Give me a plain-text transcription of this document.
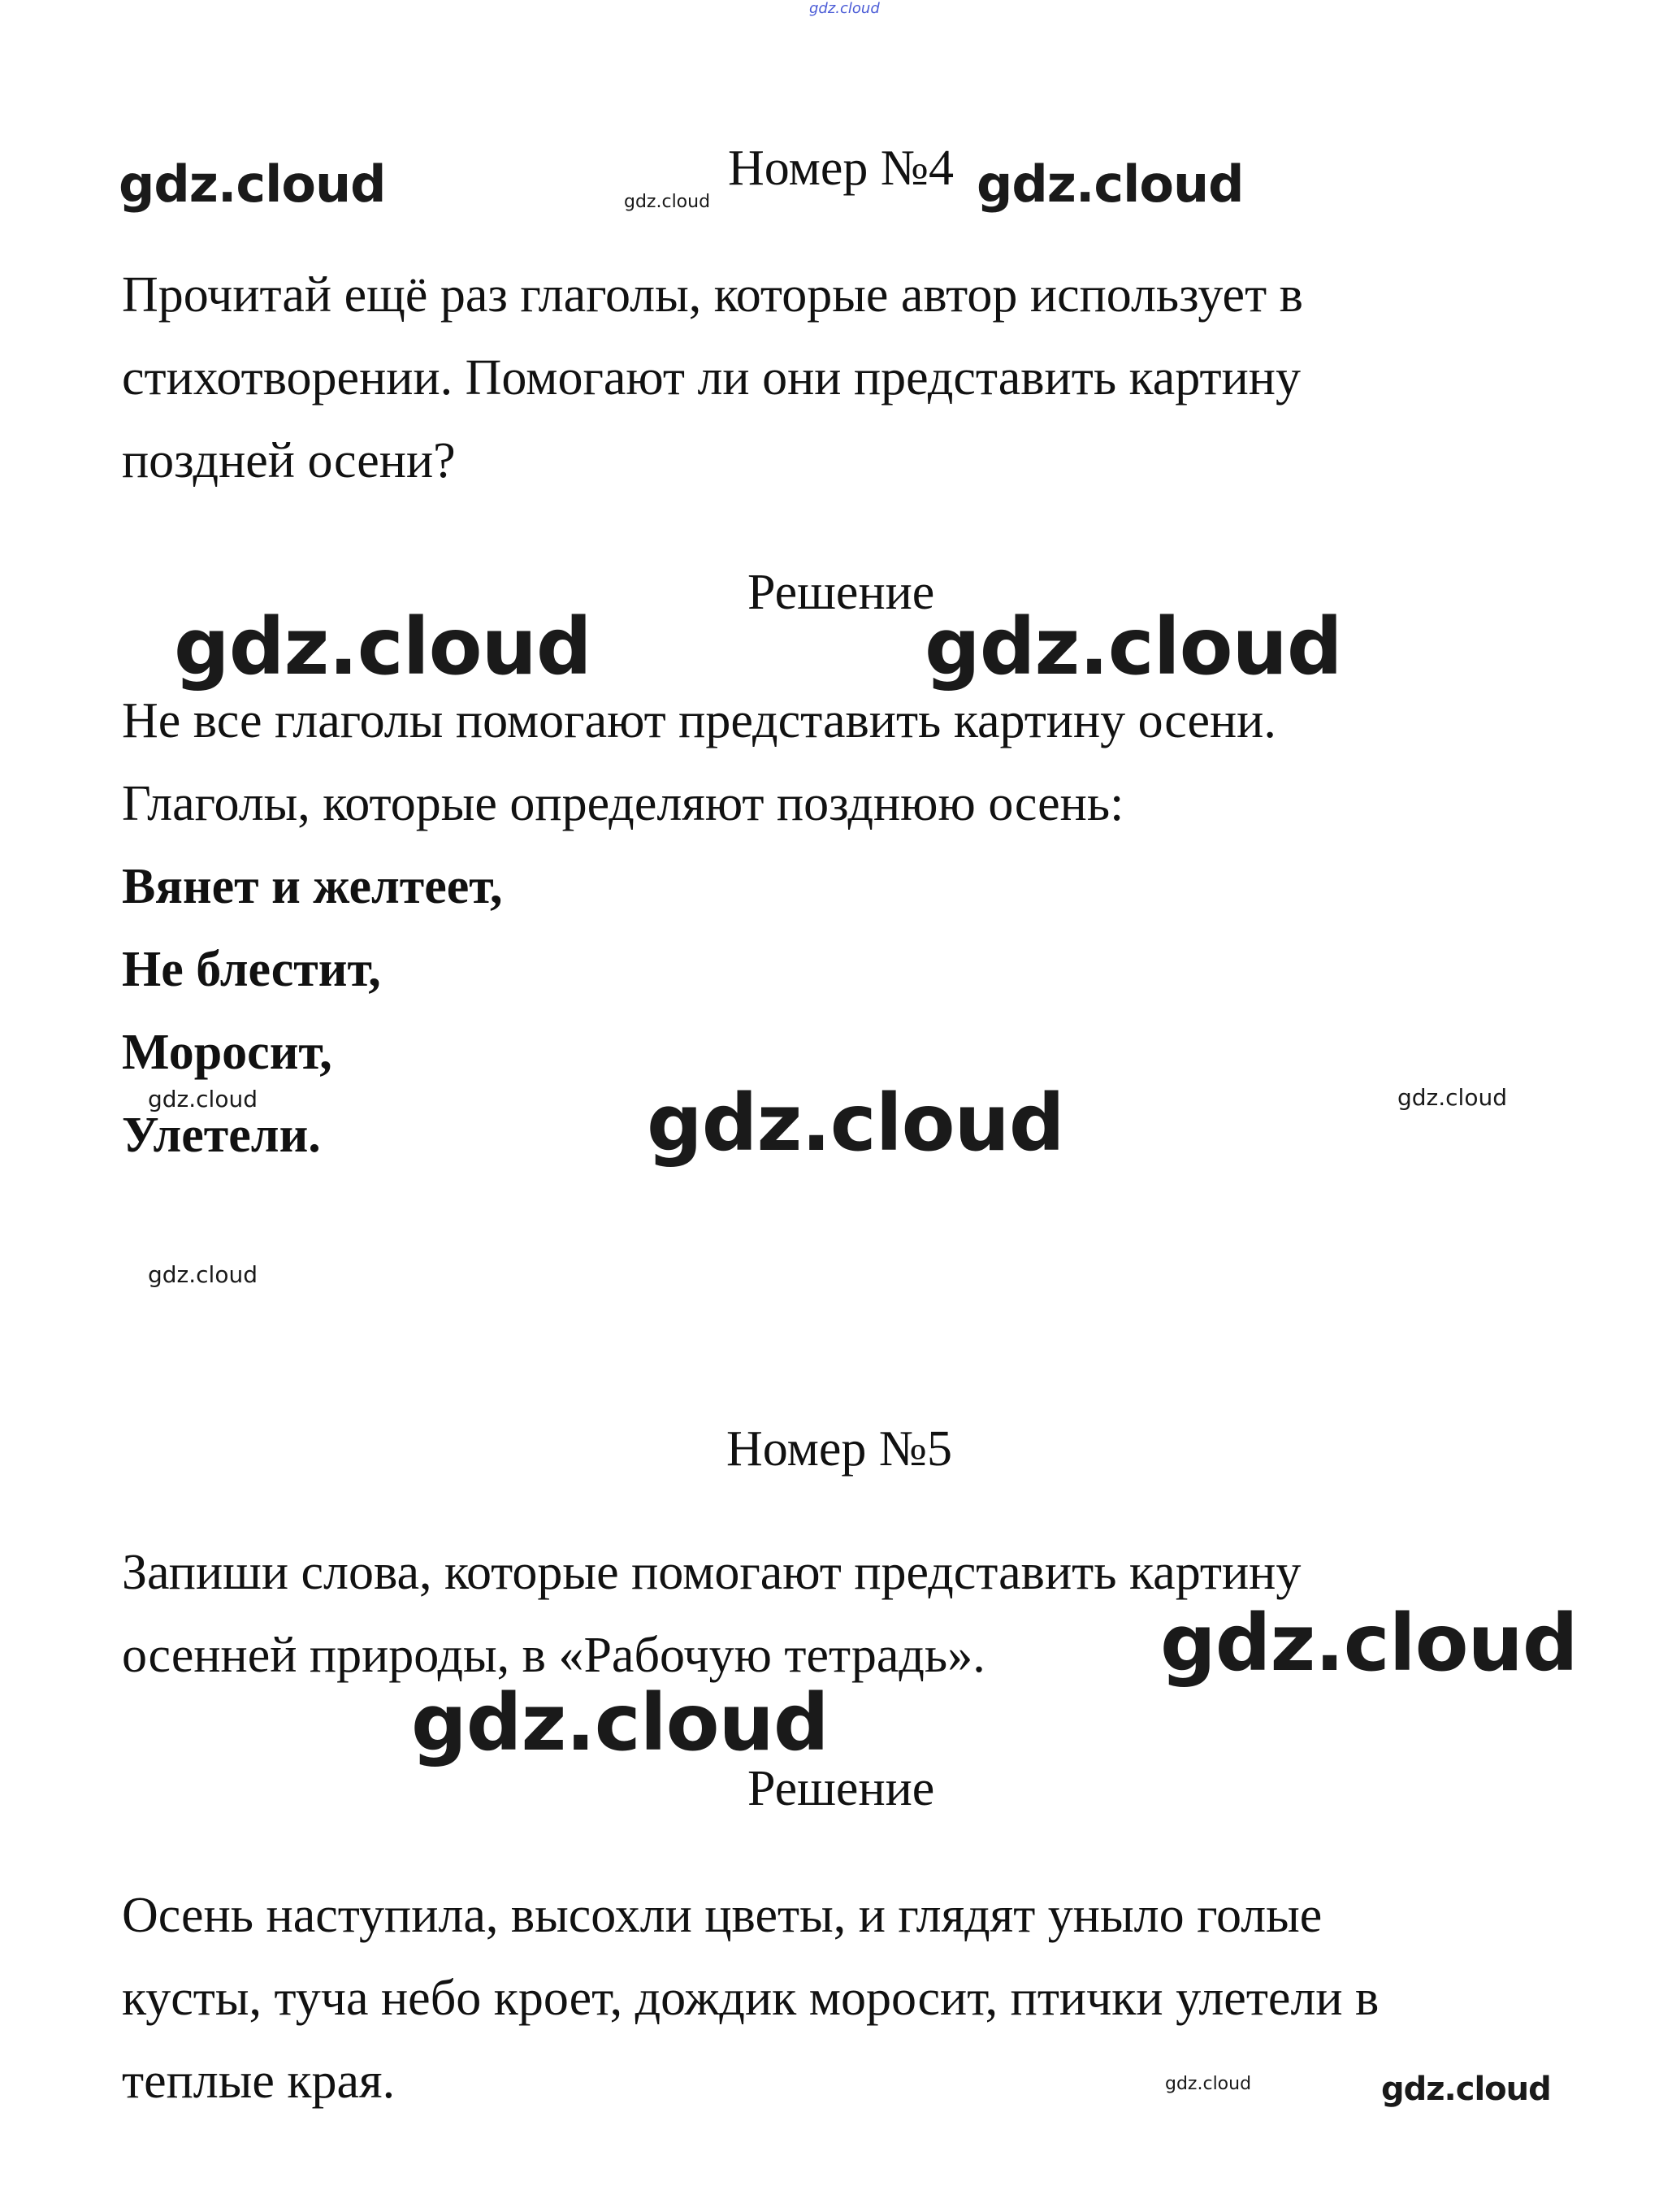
gdz.cloud
gdz.cloud	gdz.cloud
Номер №4 gdz.cloud
Прочитай ещё раз глаголы, которые автор использует в
стихотворении. Помогают ли они представить картину
поздней осени?
Решение
gdz.cloud	gdz.cloud
Не все глаголы помогают представить картину осени.
Глаголы, которые определяют позднюю осень:
Вянет и желтеет,
Не блестит,
Моросит,
Улетели.
gdz.cloud	gdz.cloud	gdz.cloud
gdz.cloud
Номер №5
Запиши слова, которые помогают представить картину
осенней природы, в «Рабочую тетрадь». gdz.cloud
gdz.cloud
Решение
Осень наступила, высохли цветы, и глядят уныло голые
кусты, туча небо кроет, дождик моросит, птички улетели в
теплые края.	gdz.cloud	gdz.cloud
